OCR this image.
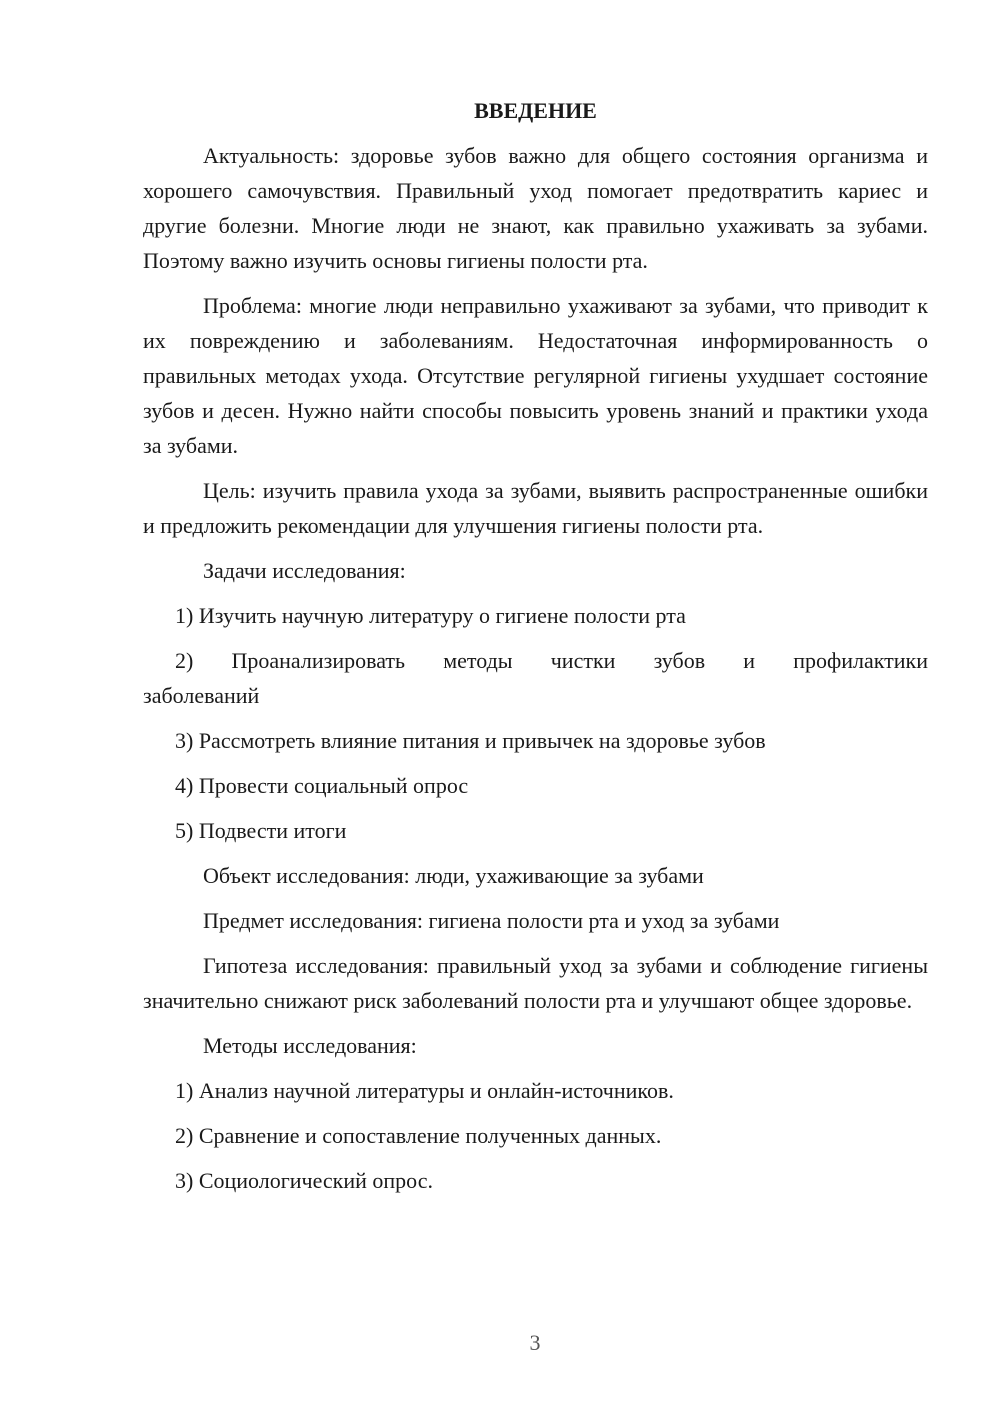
ВВЕДЕНИЕ

Актуальность: здоровье зубов важно для общего состояния организма и хорошего самочувствия. Правильный уход помогает предотвратить кариес и другие болезни. Многие люди не знают, как правильно ухаживать за зубами. Поэтому важно изучить основы гигиены полости рта.

Проблема: многие люди неправильно ухаживают за зубами, что приводит к их повреждению и заболеваниям. Недостаточная информированность о правильных методах ухода. Отсутствие регулярной гигиены ухудшает состояние зубов и десен. Нужно найти способы повысить уровень знаний и практики ухода за зубами.

Цель: изучить правила ухода за зубами, выявить распространенные ошибки и предложить рекомендации для улучшения гигиены полости рта.

Задачи исследования:

1) Изучить научную литературу о гигиене полости рта

2) Проанализировать методы чистки зубов и профилактики заболеваний

3) Рассмотреть влияние питания и привычек на здоровье зубов

4) Провести социальный опрос

5) Подвести итоги

Объект исследования: люди, ухаживающие за зубами

Предмет исследования: гигиена полости рта и уход за зубами

Гипотеза исследования: правильный уход за зубами и соблюдение гигиены значительно снижают риск заболеваний полости рта и улучшают общее здоровье.

Методы исследования:

1) Анализ научной литературы и онлайн-источников.

2) Сравнение и сопоставление полученных данных.

3) Социологический опрос.

3
